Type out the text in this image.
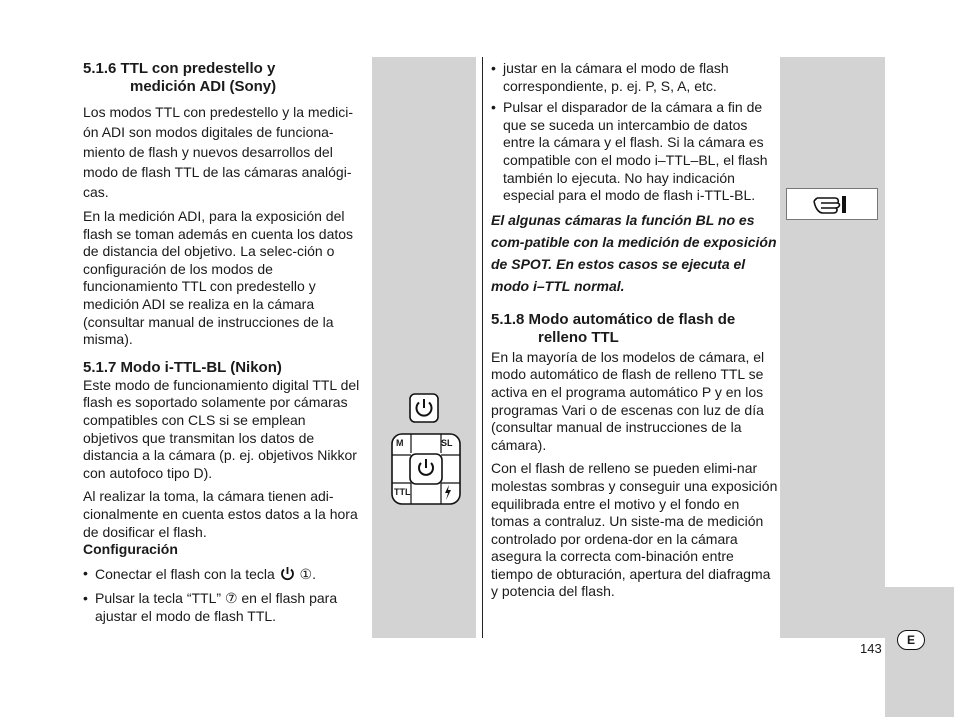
M	SL
TTL
5.1.6 TTL con predestello y
medición ADI (Sony)

Los modos TTL con predestello y la medici-ón ADI son modos digitales de funciona-miento de flash y nuevos desarrollos del modo de flash TTL de las cámaras analógi-cas.

En la medición ADI, para la exposición del flash se toman además en cuenta los datos de distancia del objetivo. La selec-ción o configuración de los modos de funcionamiento TTL con predestello y medición ADI se realiza en la cámara (consultar manual de instrucciones de la misma).

5.1.7 Modo i-TTL-BL (Nikon)

Este modo de funcionamiento digital TTL del flash es soportado solamente por cámaras compatibles con CLS si se emplean objetivos que transmitan los datos de distancia a la cámara (p. ej. objetivos Nikkor con autofoco tipo D).

Al realizar la toma, la cámara tienen adi-cionalmente en cuenta estos datos a la hora de dosificar el flash.

Configuración
• Conectar el flash con la tecla ①.
• Pulsar la tecla “TTL” ⑦ en el flash para ajustar el modo de flash TTL.
• justar en la cámara el modo de flash correspondiente, p. ej. P, S, A, etc.
• Pulsar el disparador de la cámara a fin de que se suceda un intercambio de datos entre la cámara y el flash. Si la cámara es compatible con el modo i–TTL–BL, el flash también lo ejecuta. No hay indicación especial para el modo de flash i-TTL-BL.

El algunas cámaras la función BL no es com-patible con la medición de exposición de SPOT. En estos casos se ejecuta el modo i–TTL normal.

5.1.8 Modo automático de flash de
relleno TTL

En la mayoría de los modelos de cámara, el modo automático de flash de relleno TTL se activa en el programa automático P y en los programas Vari o de escenas con luz de día (consultar manual de instrucciones de la cámara).

Con el flash de relleno se pueden elimi-nar molestas sombras y conseguir una exposición equilibrada entre el motivo y el fondo en tomas a contraluz. Un siste-ma de medición controlado por ordena-dor en la cámara asegura la correcta com-binación entre tiempo de obturación, apertura del diafragma y potencia del flash.

143
E
